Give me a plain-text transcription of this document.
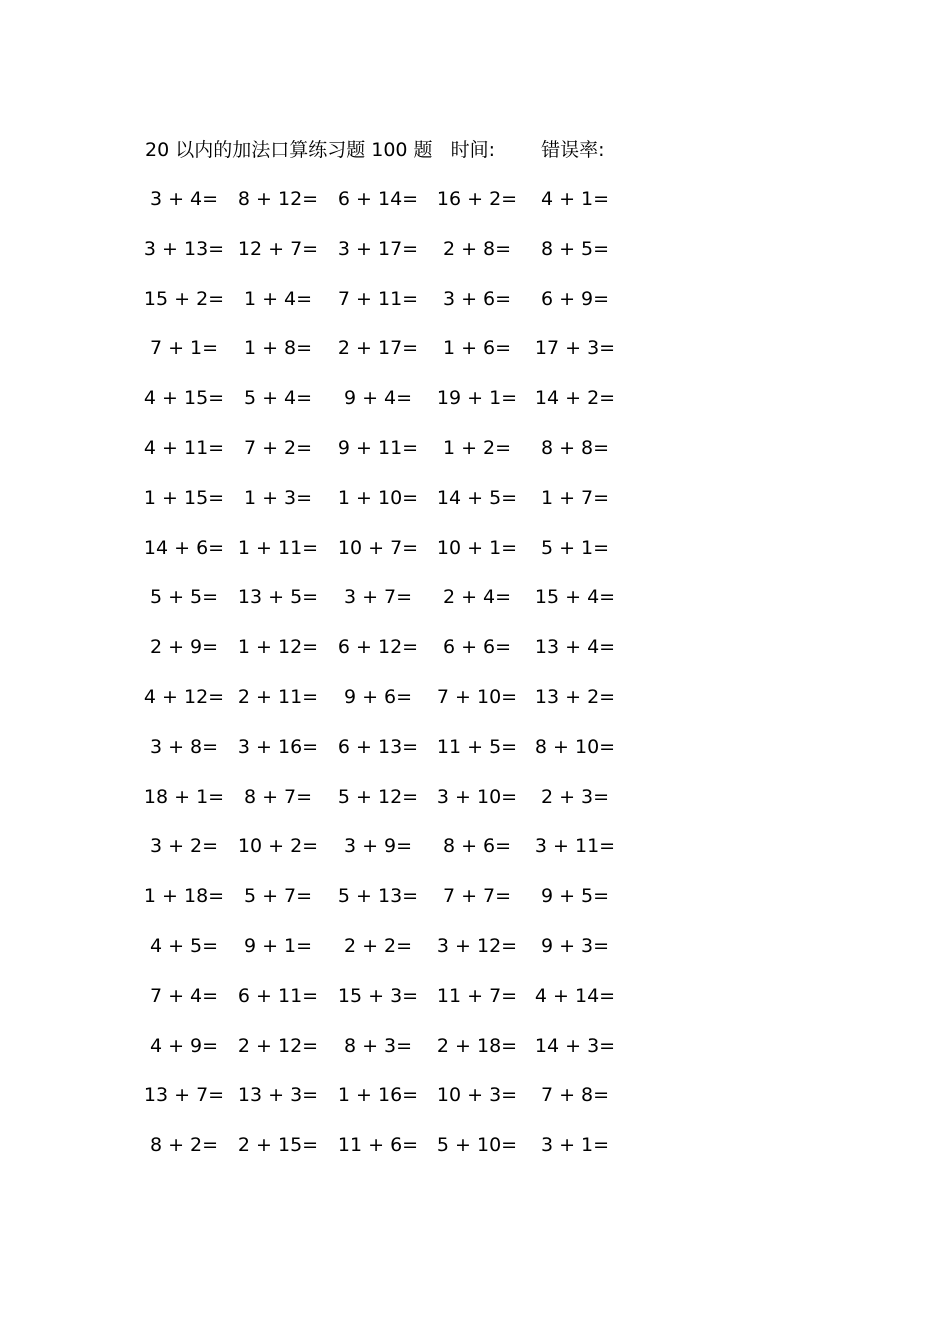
20 以内的加法口算练习题 100 题 时间: 错误率:
3 + 4=	8 + 12= 6 + 14= 16 + 2=	4 + 1=
3 + 13= 12 + 7= 3 + 17=	2 + 8=	8 + 5=
15 + 2=	1 + 4=	7 + 11=	3 + 6=	6 + 9=
7 + 1=	1 + 8=	2 + 17=	1 + 6=	17 + 3=
4 + 15=	5 + 4=	9 + 4=	19 + 1= 14 + 2=
4 + 11=	7 + 2=	9 + 11=	1 + 2=	8 + 8=
1 + 15=	1 + 3=	1 + 10= 14 + 5=	1 + 7=
14 + 6= 1 + 11= 10 + 7= 10 + 1=	5 + 1=
5 + 5=	13 + 5=	3 + 7=	2 + 4=	15 + 4=
2 + 9=	1 + 12= 6 + 12=	6 + 6=	13 + 4=
4 + 12= 2 + 11=	9 + 6=	7 + 10= 13 + 2=
3 + 8=	3 + 16= 6 + 13= 11 + 5= 8 + 10=
18 + 1=	8 + 7=	5 + 12= 3 + 10=	2 + 3=
3 + 2=	10 + 2=	3 + 9=	8 + 6=	3 + 11=
1 + 18=	5 + 7=	5 + 13=	7 + 7=	9 + 5=
4 + 5=	9 + 1=	2 + 2=	3 + 12=	9 + 3=
7 + 4=	6 + 11= 15 + 3= 11 + 7= 4 + 14=
4 + 9=	2 + 12=	8 + 3=	2 + 18= 14 + 3=
13 + 7= 13 + 3= 1 + 16= 10 + 3=	7 + 8=
8 + 2=	2 + 15= 11 + 6= 5 + 10=	3 + 1=
